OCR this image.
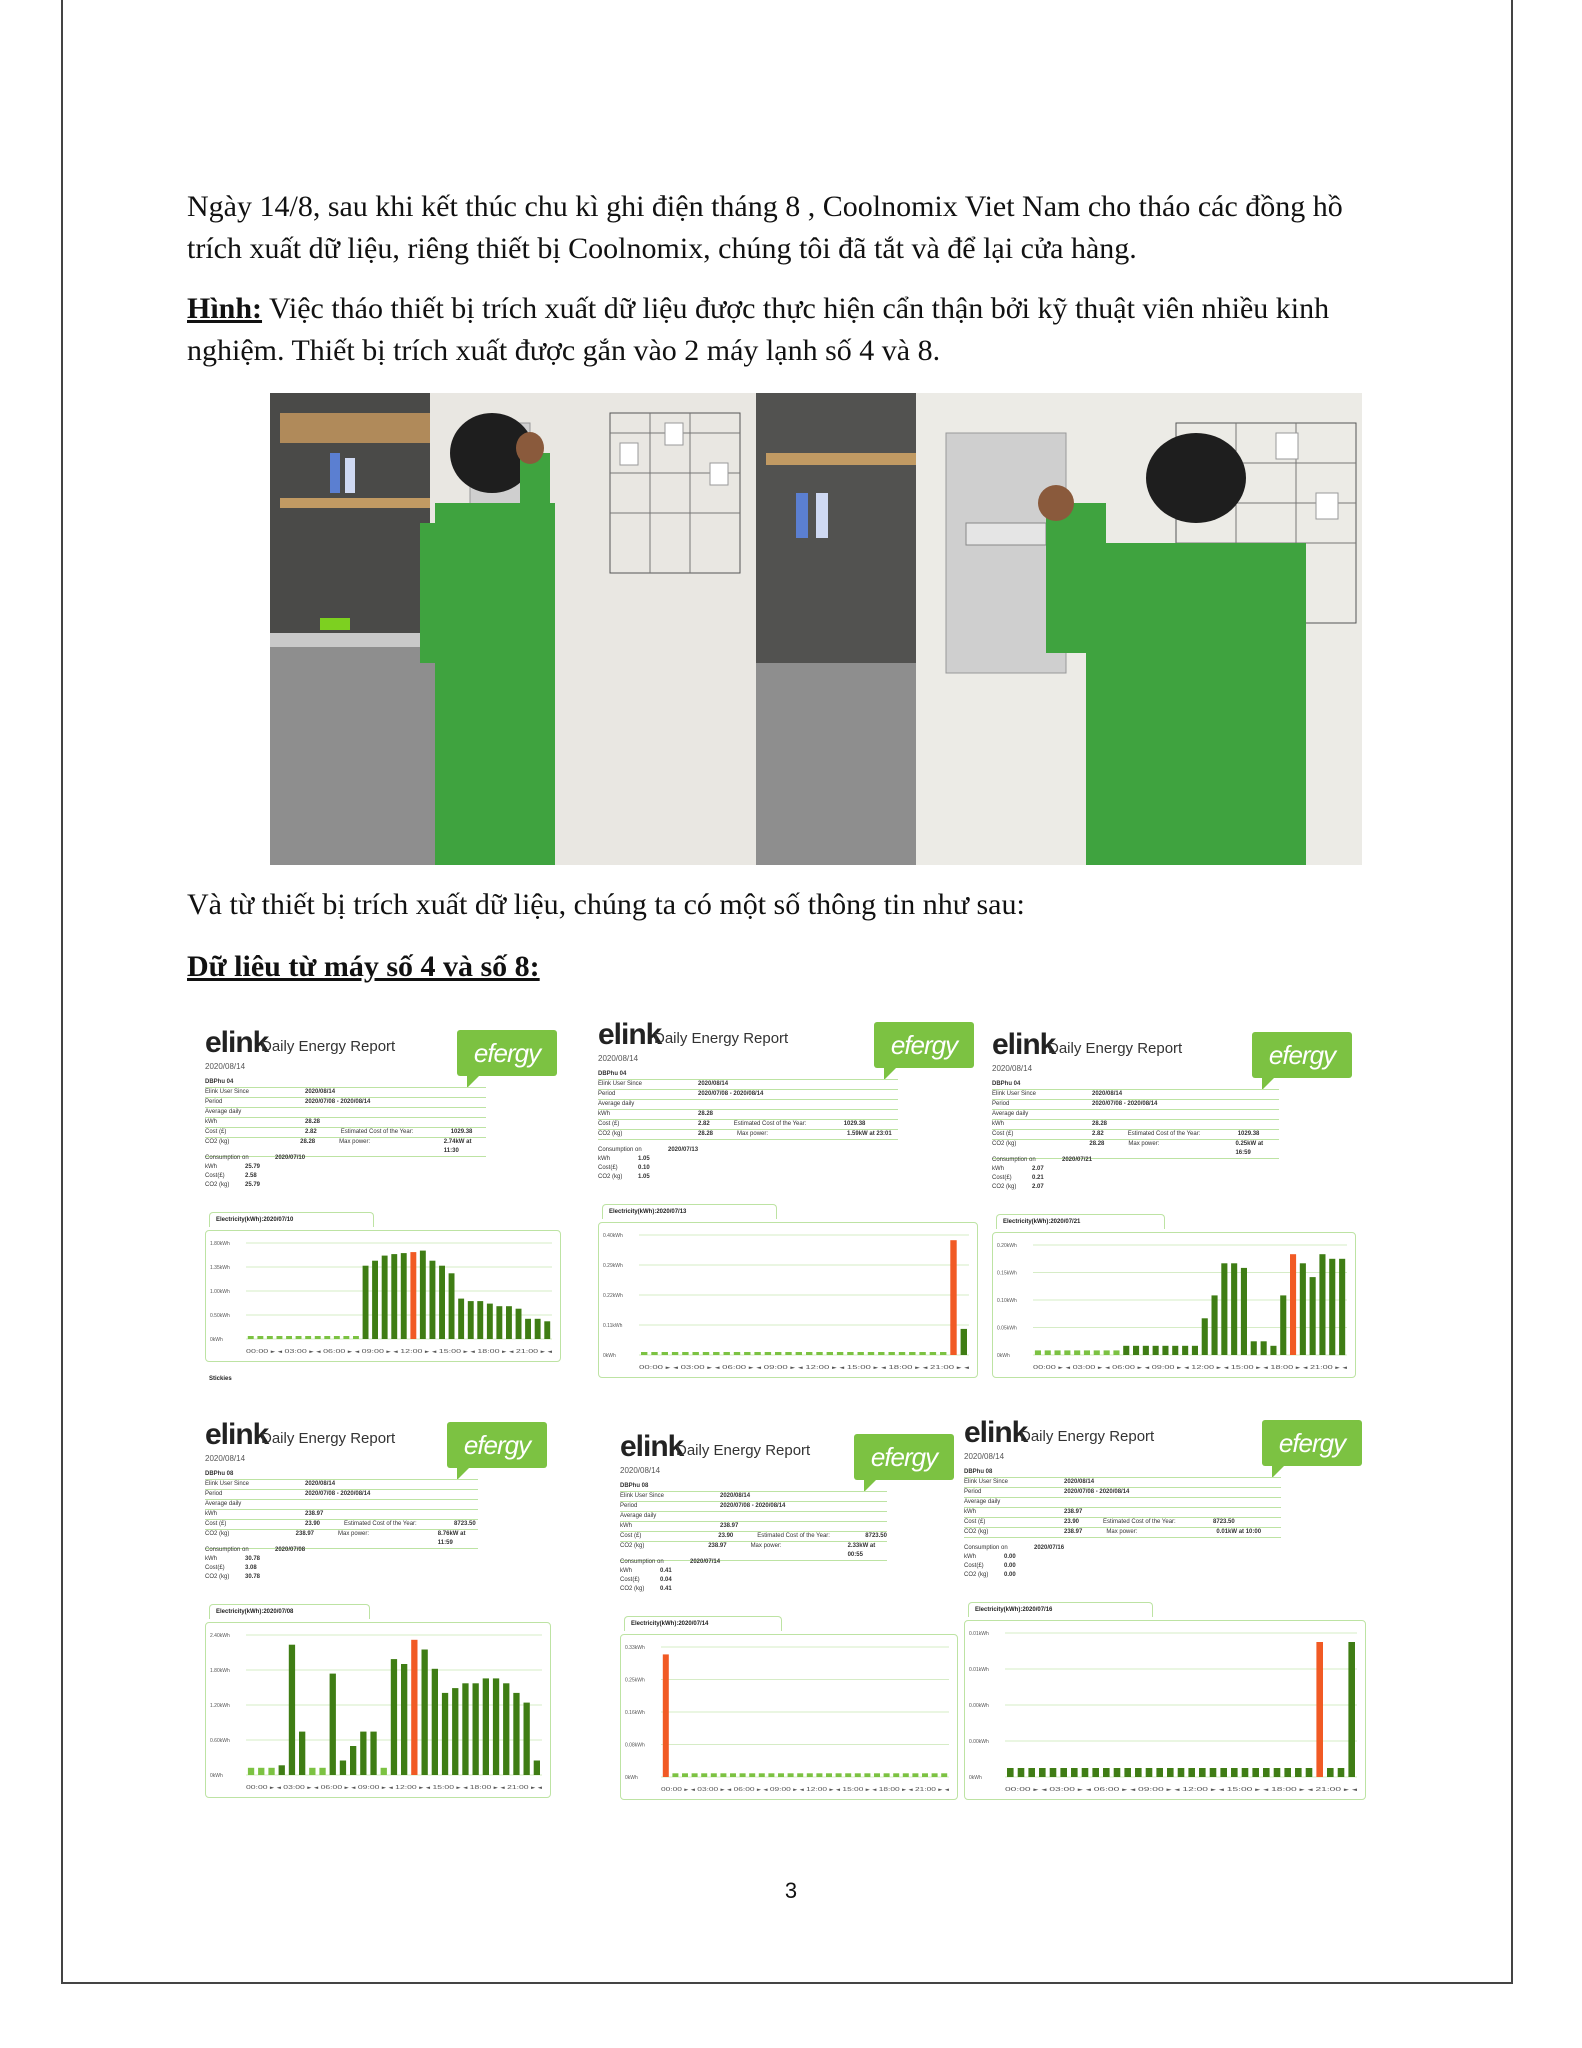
Ngày 14/8, sau khi kết thúc chu kì ghi điện tháng 8 , Coolnomix Viet Nam cho tháo các đồng hồ trích xuất dữ liệu, riêng thiết bị Coolnomix, chúng tôi đã tắt và để lại cửa hàng.

Hình: Việc tháo thiết bị trích xuất dữ liệu được thực hiện cẩn thận bởi kỹ thuật viên nhiều kinh nghiệm. Thiết bị trích xuất được gắn vào 2 máy lạnh số 4 và 8.

Và từ thiết bị trích xuất dữ liệu, chúng ta có một số thông tin như sau:

Dữ liêu từ máy số 4 và số 8:

elink
Daily Energy Report
2020/08/14	efergy
DBPhu 04
Elink User Since	2020/08/14
Period	2020/07/08 - 2020/08/14
Average daily
kWh	28.28
Cost (£)	2.82	Estimated Cost of the Year:	1029.38
CO2 (kg)	28.28	Max power:	2.74kW at 11:30
Consumption on	2020/07/10
kWh	25.79
Cost(£)	2.58
CO2 (kg)	25.79
Electricity(kWh):2020/07/10
1.80kWh
1.35kWh
1.00kWh
0.50kWh
0kWh
00:00 ▸ ◂ 03:00 ▸ ◂ 06:00 ▸ ◂ 09:00 ▸ ◂ 12:00 ▸ ◂ 15:00 ▸ ◂ 18:00 ▸ ◂ 21:00 ▸ ◂
Stickies
elink
Daily Energy Report
2020/08/14	efergy
DBPhu 04
Elink User Since	2020/08/14
Period	2020/07/08 - 2020/08/14
Average daily
kWh	28.28
Cost (£)	2.82	Estimated Cost of the Year:	1029.38
CO2 (kg)	28.28	Max power:	1.59kW at 23:01
Consumption on	2020/07/13
kWh	1.05
Cost(£)	0.10
CO2 (kg)	1.05
Electricity(kWh):2020/07/13
0.40kWh
0.29kWh
0.22kWh
0.11kWh
0kWh
00:00 ▸ ◂ 03:00 ▸ ◂ 06:00 ▸ ◂ 09:00 ▸ ◂ 12:00 ▸ ◂ 15:00 ▸ ◂ 18:00 ▸ ◂ 21:00 ▸ ◂
elink
Daily Energy Report
2020/08/14	efergy
DBPhu 04
Elink User Since	2020/08/14
Period	2020/07/08 - 2020/08/14
Average daily
kWh	28.28
Cost (£)	2.82	Estimated Cost of the Year:	1029.38
CO2 (kg)	28.28	Max power:	0.25kW at 16:59
Consumption on	2020/07/21
kWh	2.07
Cost(£)	0.21
CO2 (kg)	2.07
Electricity(kWh):2020/07/21
0.20kWh
0.15kWh
0.10kWh
0.05kWh
0kWh
00:00 ▸ ◂ 03:00 ▸ ◂ 06:00 ▸ ◂ 09:00 ▸ ◂ 12:00 ▸ ◂ 15:00 ▸ ◂ 18:00 ▸ ◂ 21:00 ▸ ◂
elink
Daily Energy Report
2020/08/14	efergy
DBPhu 08
Elink User Since	2020/08/14
Period	2020/07/08 - 2020/08/14
Average daily
kWh	238.97
Cost (£)	23.90	Estimated Cost of the Year:	8723.50
CO2 (kg)	238.97	Max power:	8.76kW at 11:59
Consumption on	2020/07/08
kWh	30.78
Cost(£)	3.08
CO2 (kg)	30.78
Electricity(kWh):2020/07/08
2.40kWh
1.80kWh
1.20kWh
0.60kWh
0kWh
00:00 ▸ ◂ 03:00 ▸ ◂ 06:00 ▸ ◂ 09:00 ▸ ◂ 12:00 ▸ ◂ 15:00 ▸ ◂ 18:00 ▸ ◂ 21:00 ▸ ◂
elink
Daily Energy Report
2020/08/14	efergy
DBPhu 08
Elink User Since	2020/08/14
Period	2020/07/08 - 2020/08/14
Average daily
kWh	238.97
Cost (£)	23.90	Estimated Cost of the Year:	8723.50
CO2 (kg)	238.97	Max power:	2.33kW at 00:55
Consumption on	2020/07/14
kWh	0.41
Cost(£)	0.04
CO2 (kg)	0.41
Electricity(kWh):2020/07/14
0.33kWh
0.25kWh
0.16kWh
0.08kWh
0kWh
00:00 ▸ ◂ 03:00 ▸ ◂ 06:00 ▸ ◂ 09:00 ▸ ◂ 12:00 ▸ ◂ 15:00 ▸ ◂ 18:00 ▸ ◂ 21:00 ▸ ◂
elink
Daily Energy Report
2020/08/14	efergy
DBPhu 08
Elink User Since	2020/08/14
Period	2020/07/08 - 2020/08/14
Average daily
kWh	238.97
Cost (£)	23.90	Estimated Cost of the Year:	8723.50
CO2 (kg)	238.97	Max power:	0.01kW at 10:00
Consumption on	2020/07/16
kWh	0.00
Cost(£)	0.00
CO2 (kg)	0.00
Electricity(kWh):2020/07/16
0.01kWh
0.01kWh
0.00kWh
0.00kWh
0kWh
00:00 ▸ ◂ 03:00 ▸ ◂ 06:00 ▸ ◂ 09:00 ▸ ◂ 12:00 ▸ ◂ 15:00 ▸ ◂ 18:00 ▸ ◂ 21:00 ▸ ◂
3
